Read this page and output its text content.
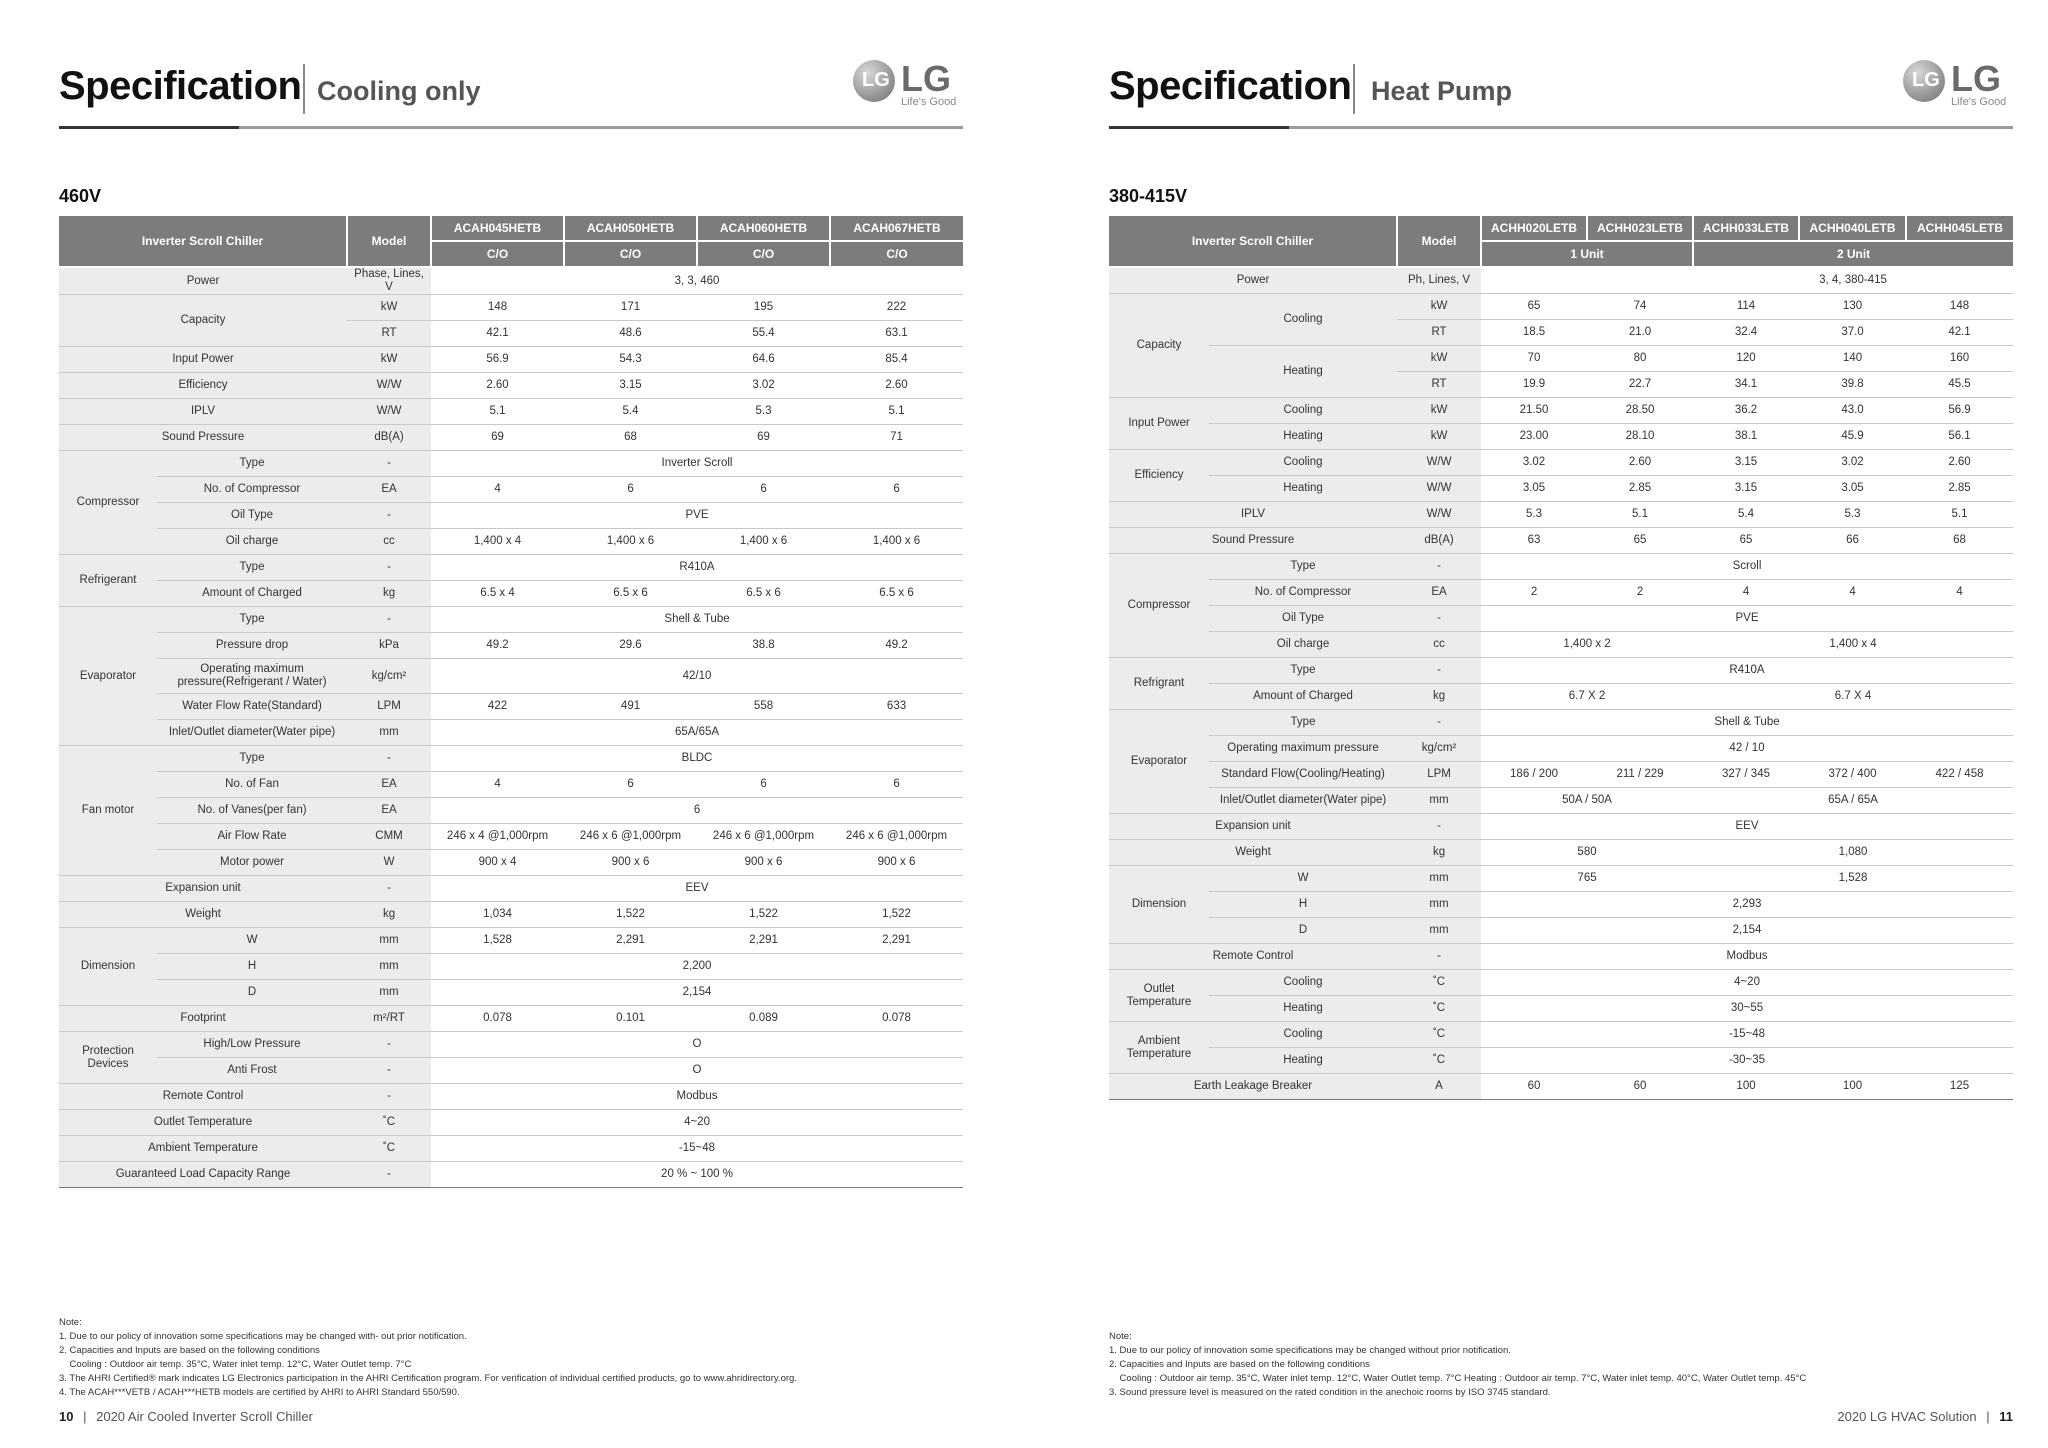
Specification Cooling only	LG LG
Life's Good
460V
Inverter Scroll Chiller		Model	ACAH045HETB	ACAH050HETB	ACAH060HETB	ACAH067HETB
			C/O	C/O	C/O	C/O
Power		Phase, Lines, V	3, 3, 460			
Capacity		kW	148	171	195	222
		RT	42.1	48.6	55.4	63.1
Input Power		kW	56.9	54.3	64.6	85.4
Efficiency		W/W	2.60	3.15	3.02	2.60
IPLV		W/W	5.1	5.4	5.3	5.1
Sound Pressure		dB(A)	69	68	69	71
Compressor	Type	-	Inverter Scroll			
	No. of Compressor	EA	4	6	6	6
	Oil Type	-	PVE			
	Oil charge	cc	1,400 x 4	1,400 x 6	1,400 x 6	1,400 x 6
Refrigerant	Type	-	R410A			
	Amount of Charged	kg	6.5 x 4	6.5 x 6	6.5 x 6	6.5 x 6
Evaporator	Type	-	Shell & Tube			
	Pressure drop	kPa	49.2	29.6	38.8	49.2
	Operating maximum pressure(Refrigerant / Water)	kg/cm²	42/10			
	Water Flow Rate(Standard)	LPM	422	491	558	633
	Inlet/Outlet diameter(Water pipe)	mm	65A/65A			
Fan motor	Type	-	BLDC			
	No. of Fan	EA	4	6	6	6
	No. of Vanes(per fan)	EA	6			
	Air Flow Rate	CMM	246 x 4 @1,000rpm	246 x 6 @1,000rpm	246 x 6 @1,000rpm	246 x 6 @1,000rpm
	Motor power	W	900 x 4	900 x 6	900 x 6	900 x 6
Expansion unit		-	EEV			
Weight		kg	1,034	1,522	1,522	1,522
Dimension	W	mm	1,528	2,291	2,291	2,291
	H	mm	2,200			
	D	mm	2,154			
Footprint		m²/RT	0.078	0.101	0.089	0.078
Protection Devices	High/Low Pressure	-	O			
	Anti Frost	-	O			
Remote Control		-	Modbus			
Outlet Temperature		˚C	4~20			
Ambient Temperature		˚C	-15~48			
Guaranteed Load Capacity Range		-	20 % ~ 100 %			
Note:
1. Due to our policy of innovation some specifications may be changed with- out prior notification.
2. Capacities and Inputs are based on the following conditions
Cooling : Outdoor air temp. 35°C, Water inlet temp. 12°C, Water Outlet temp. 7°C
3. The AHRI Certified® mark indicates LG Electronics participation in the AHRI Certification program. For verification of individual certified products, go to www.ahridirectory.org.
4. The ACAH***VETB / ACAH***HETB models are certified by AHRI to AHRI Standard 550/590.
10 | 2020 Air Cooled Inverter Scroll Chiller
Specification Heat Pump	LG LG
Life's Good
380-415V
Inverter Scroll Chiller		Model	ACHH020LETB	ACHH023LETB	ACHH033LETB	ACHH040LETB	ACHH045LETB
			1 Unit		2 Unit		
Power		Ph, Lines, V			3, 4, 380-415		
Capacity	Cooling	kW	65	74	114	130	148
		RT	18.5	21.0	32.4	37.0	42.1
	Heating	kW	70	80	120	140	160
		RT	19.9	22.7	34.1	39.8	45.5
Input Power	Cooling	kW	21.50	28.50	36.2	43.0	56.9
	Heating	kW	23.00	28.10	38.1	45.9	56.1
Efficiency	Cooling	W/W	3.02	2.60	3.15	3.02	2.60
	Heating	W/W	3.05	2.85	3.15	3.05	2.85
IPLV		W/W	5.3	5.1	5.4	5.3	5.1
Sound Pressure		dB(A)	63	65	65	66	68
Compressor	Type	-	Scroll				
	No. of Compressor	EA	2	2	4	4	4
	Oil Type	-	PVE				
	Oil charge	cc	1,400 x 2		1,400 x 4		
Refrigrant	Type	-	R410A				
	Amount of Charged	kg	6.7 X 2		6.7 X 4		
Evaporator	Type	-	Shell & Tube				
	Operating maximum pressure	kg/cm²	42 / 10				
	Standard Flow(Cooling/Heating)	LPM	186 / 200	211 / 229	327 / 345	372 / 400	422 / 458
	Inlet/Outlet diameter(Water pipe)	mm	50A / 50A		65A / 65A		
Expansion unit		-	EEV				
Weight		kg	580		1,080		
Dimension	W	mm	765		1,528		
	H	mm	2,293				
	D	mm	2,154				
Remote Control		-	Modbus				
Outlet Temperature	Cooling	˚C	4~20				
	Heating	˚C	30~55				
Ambient Temperature	Cooling	˚C	-15~48				
	Heating	˚C	-30~35				
Earth Leakage Breaker		A	60	60	100	100	125
Note:
1. Due to our policy of innovation some specifications may be changed without prior notification.
2. Capacities and Inputs are based on the following conditions
Cooling : Outdoor air temp. 35°C, Water inlet temp. 12°C, Water Outlet temp. 7°C Heating : Outdoor air temp. 7°C, Water inlet temp. 40°C, Water Outlet temp. 45°C
3. Sound pressure level is measured on the rated condition in the anechoic rooms by ISO 3745 standard.
2020 LG HVAC Solution | 11
